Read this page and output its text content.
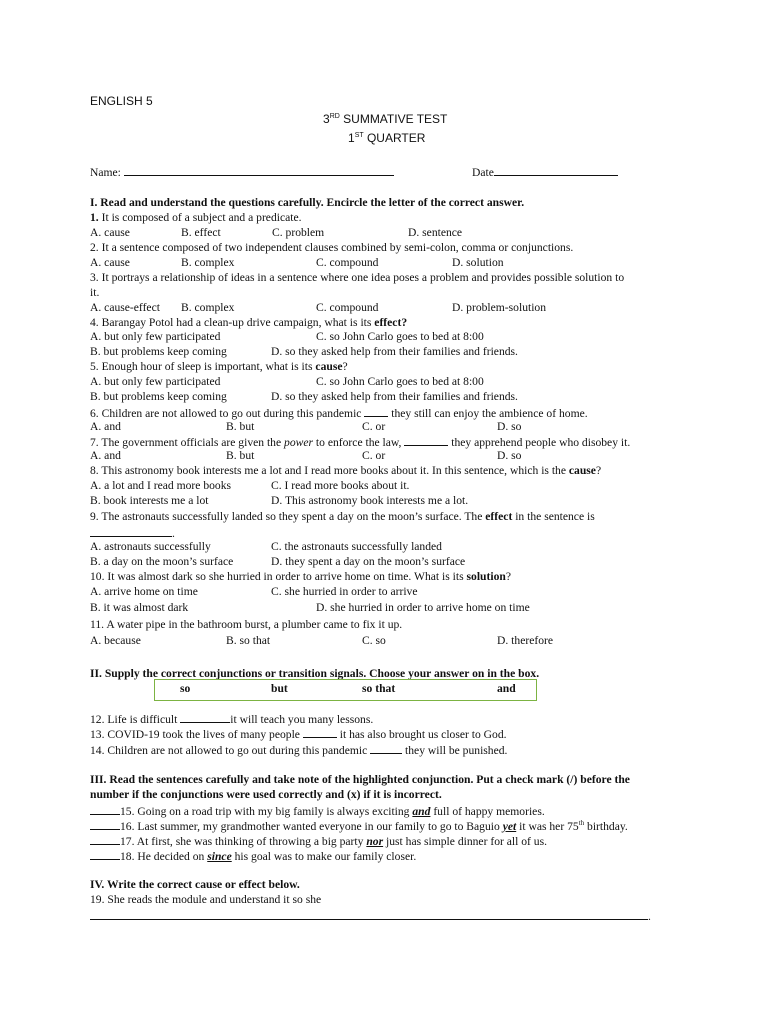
ENGLISH 5
3RD SUMMATIVE TEST
1ST QUARTER
Name:	Date
I. Read and understand the questions carefully. Encircle the letter of the correct answer.
1. It is composed of a subject and a predicate.
A. cause	B. effect	C. problem	D. sentence
2. It a sentence composed of two independent clauses combined by semi-colon, comma or conjunctions.
A. cause	B. complex	C. compound	D. solution
3. It portrays a relationship of ideas in a sentence where one idea poses a problem and provides possible solution to
it.
A. cause-effect B. complex	C. compound	D. problem-solution
4. Barangay Potol had a clean-up drive campaign, what is its effect?
A. but only few participated	C. so John Carlo goes to bed at 8:00
B. but problems keep coming	D. so they asked help from their families and friends.
5. Enough hour of sleep is important, what is its cause?
A. but only few participated	C. so John Carlo goes to bed at 8:00
B. but problems keep coming	D. so they asked help from their families and friends.
6. Children are not allowed to go out during this pandemic  they still can enjoy the ambience of home.
A. and	B. but	C. or	D. so
7. The government officials are given the power to enforce the law,	they apprehend people who disobey it.
A. and	B. but	C. or	D. so
8. This astronomy book interests me a lot and I read more books about it. In this sentence, which is the cause?
A. a lot and I read more books	C. I read more books about it.
B. book interests me a lot	D. This astronomy book interests me a lot.
9. The astronauts successfully landed so they spent a day on the moon’s surface. The effect in the sentence is
.
A. astronauts successfully	C. the astronauts successfully landed
B. a day on the moon’s surface	D. they spent a day on the moon’s surface
10. It was almost dark so she hurried in order to arrive home on time. What is its solution?
A. arrive home on time	C. she hurried in order to arrive
B. it was almost dark	D. she hurried in order to arrive home on time
11. A water pipe in the bathroom burst, a plumber came to fix it up.
A. because	B. so that	C. so	D. therefore
II. Supply the correct conjunctions or transition signals. Choose your answer on in the box.
so	but	so that	and
12. Life is difficult	it will teach you many lessons.
13. COVID-19 took the lives of many people	it has also brought us closer to God.
14. Children are not allowed to go out during this pandemic	they will be punished.
III. Read the sentences carefully and take note of the highlighted conjunction. Put a check mark (/) before the
number if the conjunctions were used correctly and (x) if it is incorrect.
15. Going on a road trip with my big family is always exciting and full of happy memories.
16. Last summer, my grandmother wanted everyone in our family to go to Baguio yet it was her 75th birthday.
17. At first, she was thinking of throwing a big party nor just has simple dinner for all of us.
18. He decided on since his goal was to make our family closer.
IV. Write the correct cause or effect below.
19. She reads the module and understand it so she
.
